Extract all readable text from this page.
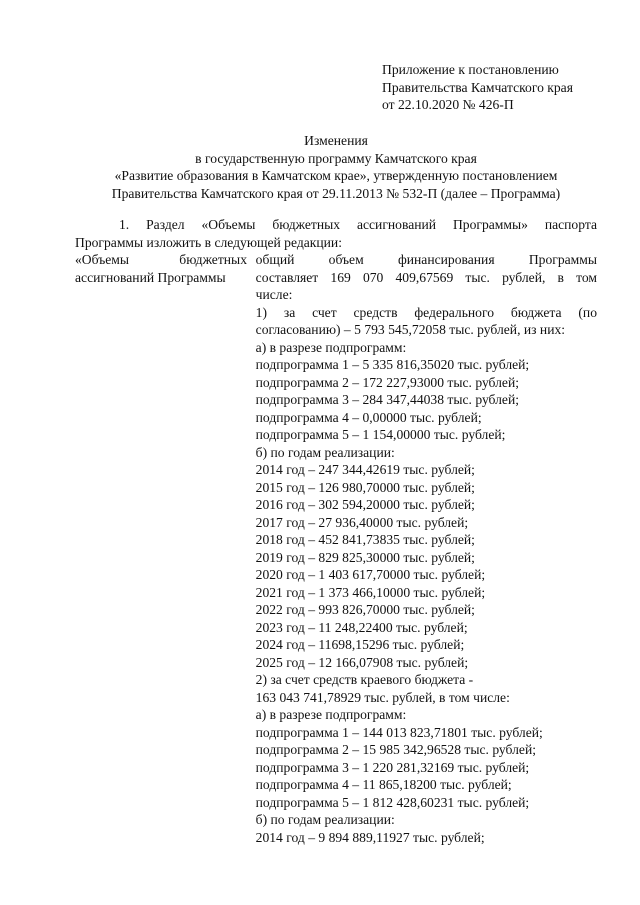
Приложение к постановлению
Правительства Камчатского края
от 22.10.2020 № 426-П
Изменения
в государственную программу Камчатского края
«Развитие образования в Камчатском крае», утвержденную постановлением
Правительства Камчатского края от 29.11.2013 № 532-П (далее – Программа)
1. Раздел «Объемы бюджетных ассигнований Программы» паспорта
Программы изложить в следующей редакции:
«Объемы	бюджетных
ассигнований Программы
общий объем финансирования Программы
составляет 169 070 409,67569 тыс. рублей, в том
числе:
1) за счет средств федерального бюджета (по
согласованию) – 5 793 545,72058 тыс. рублей, из них:
а) в разрезе подпрограмм:
подпрограмма 1 – 5 335 816,35020 тыс. рублей;
подпрограмма 2 – 172 227,93000 тыс. рублей;
подпрограмма 3 – 284 347,44038 тыс. рублей;
подпрограмма 4 – 0,00000 тыс. рублей;
подпрограмма 5 – 1 154,00000 тыс. рублей;
б) по годам реализации:
2014 год – 247 344,42619 тыс. рублей;
2015 год – 126 980,70000 тыс. рублей;
2016 год – 302 594,20000 тыс. рублей;
2017 год – 27 936,40000 тыс. рублей;
2018 год – 452 841,73835 тыс. рублей;
2019 год – 829 825,30000 тыс. рублей;
2020 год – 1 403 617,70000 тыс. рублей;
2021 год – 1 373 466,10000 тыс. рублей;
2022 год – 993 826,70000 тыс. рублей;
2023 год – 11 248,22400 тыс. рублей;
2024 год – 11698,15296 тыс. рублей;
2025 год – 12 166,07908 тыс. рублей;
2) за счет средств краевого бюджета -
163 043 741,78929 тыс. рублей, в том числе:
а) в разрезе подпрограмм:
подпрограмма 1 – 144 013 823,71801 тыс. рублей;
подпрограмма 2 – 15 985 342,96528 тыс. рублей;
подпрограмма 3 – 1 220 281,32169 тыс. рублей;
подпрограмма 4 – 11 865,18200 тыс. рублей;
подпрограмма 5 – 1 812 428,60231 тыс. рублей;
б) по годам реализации:
2014 год – 9 894 889,11927 тыс. рублей;
